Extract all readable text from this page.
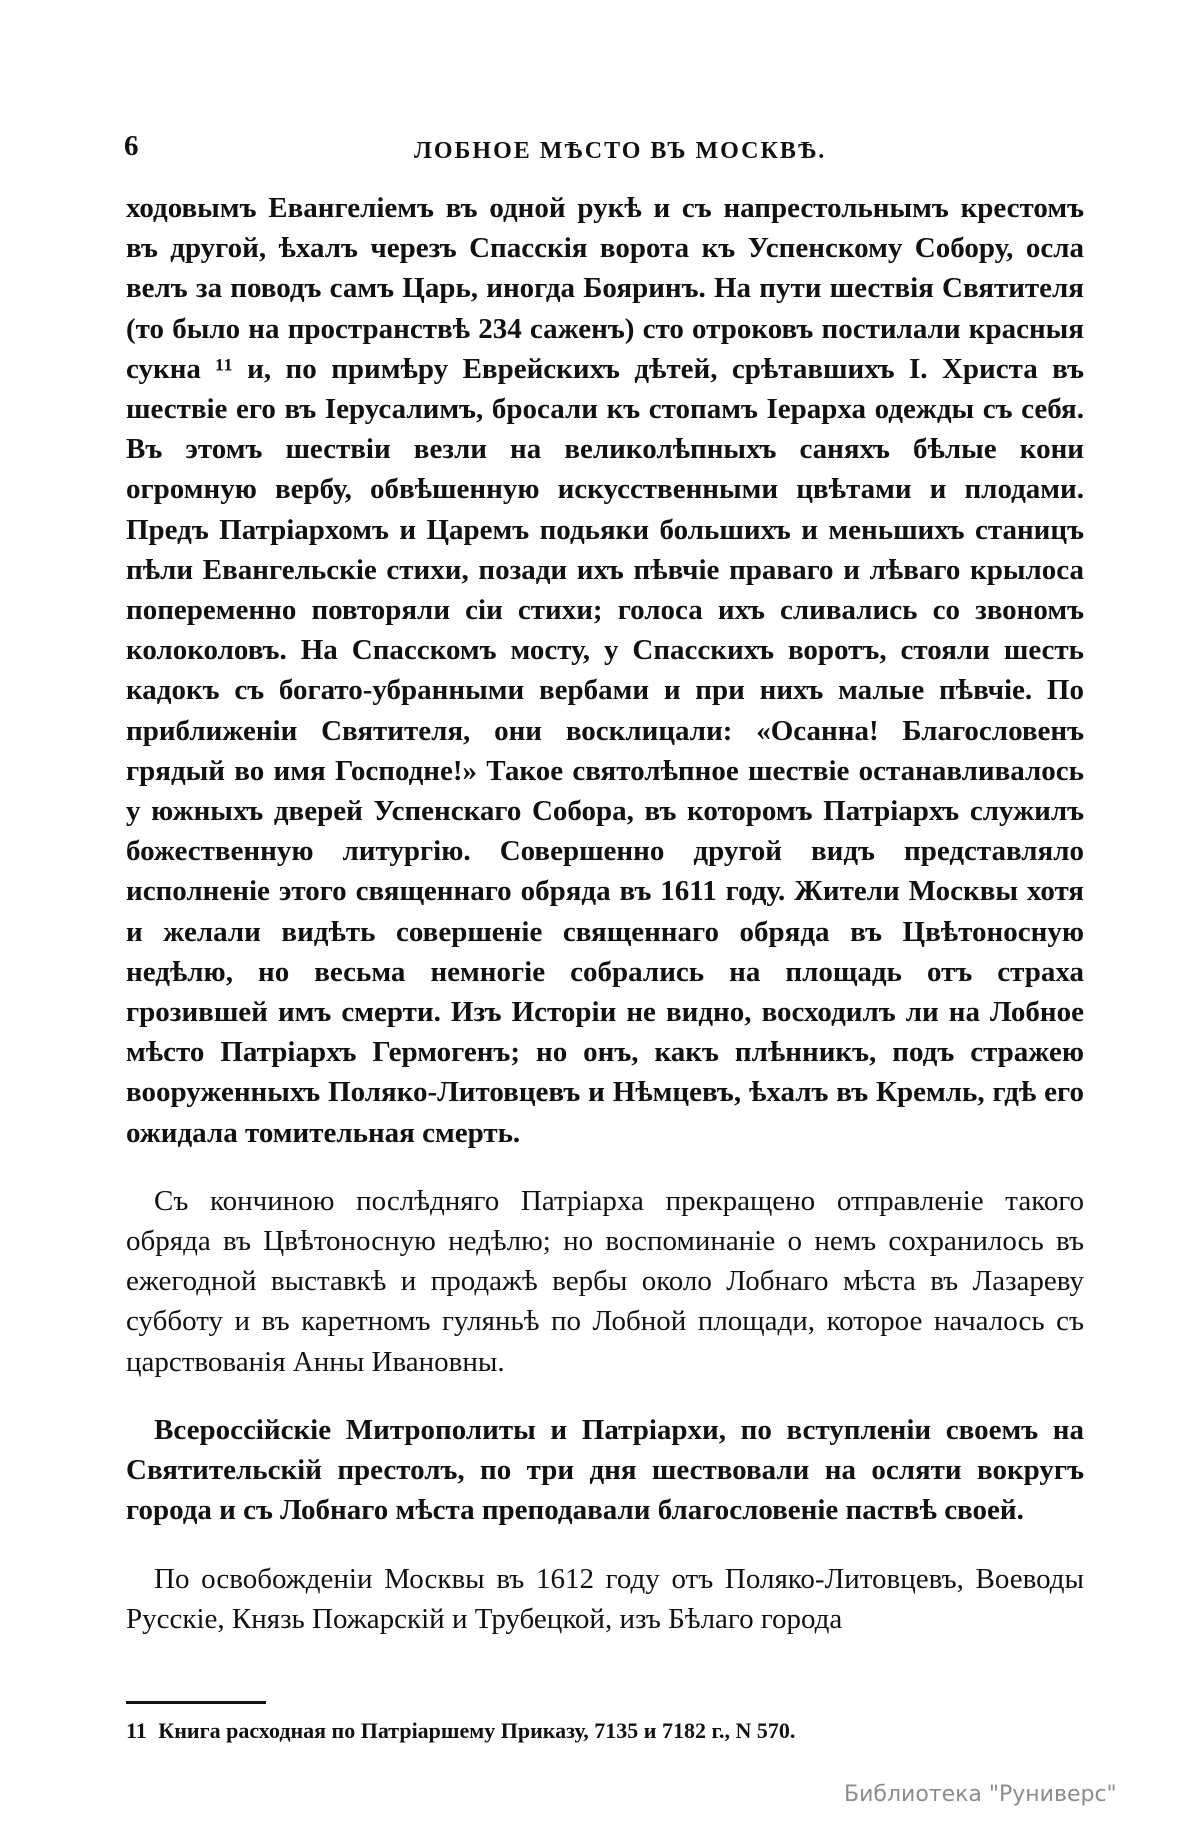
6	ЛОБНОЕ МѢСТО ВЪ МОСКВѢ.

ходовымъ Евангеліемъ въ одной рукѣ и съ напрестольнымъ крестомъ въ другой, ѣхалъ черезъ Спасскія ворота къ Успенскому Собору, осла велъ за поводъ самъ Царь, иногда Бояринъ. На пути шествія Святителя (то было на пространствѣ 234 саженъ) сто отроковъ постилали красныя сукна ¹¹ и, по примѣру Еврейскихъ дѣтей, срѣтавшихъ І. Христа въ шествіе его въ Іерусалимъ, бросали къ стопамъ Іерарха одежды съ себя. Въ этомъ шествіи везли на великолѣпныхъ саняхъ бѣлые кони огромную вербу, обвѣшенную искусственными цвѣтами и плодами. Предъ Патріархомъ и Царемъ подьяки большихъ и меньшихъ станицъ пѣли Евангельскіе стихи, позади ихъ пѣвчіе праваго и лѣваго крылоса попеременно повторяли сіи стихи; голоса ихъ сливались со звономъ колоколовъ. На Спасскомъ мосту, у Спасскихъ воротъ, стояли шесть кадокъ съ богато-убранными вербами и при нихъ малые пѣвчіе. По приближеніи Святителя, они восклицали: «Осанна! Благословенъ грядый во имя Господне!» Такое святолѣпное шествіе останавливалось у южныхъ дверей Успенскаго Собора, въ которомъ Патріархъ служилъ божественную литургію. Совершенно другой видъ представляло исполненіе этого священнаго обряда въ 1611 году. Жители Москвы хотя и желали видѣть совершеніе священнаго обряда въ Цвѣтоносную недѣлю, но весьма немногіе собрались на площадь отъ страха грозившей имъ смерти. Изъ Исторіи не видно, восходилъ ли на Лобное мѣсто Патріархъ Гермогенъ; но онъ, какъ плѣнникъ, подъ стражею вооруженныхъ Поляко-Литовцевъ и Нѣмцевъ, ѣхалъ въ Кремль, гдѣ его ожидала томительная смерть.

Съ кончиною послѣдняго Патріарха прекращено отправленіе такого обряда въ Цвѣтоносную недѣлю; но воспоминаніе о немъ сохранилось въ ежегодной выставкѣ и продажѣ вербы около Лобнаго мѣста въ Лазареву субботу и въ каретномъ гуляньѣ по Лобной площади, которое началось съ царствованія Анны Ивановны.

Всероссійскіе Митрополиты и Патріархи, по вступленіи своемъ на Святительскій престолъ, по три дня шествовали на осляти вокругъ города и съ Лобнаго мѣста преподавали благословеніе паствѣ своей.

По освобожденіи Москвы въ 1612 году отъ Поляко-Литовцевъ, Воеводы Русскіе, Князь Пожарскій и Трубецкой, изъ Бѣлаго города

11 Книга расходная по Патріаршему Приказу, 7135 и 7182 г., N 570.
Библиотека "Руниверс"
